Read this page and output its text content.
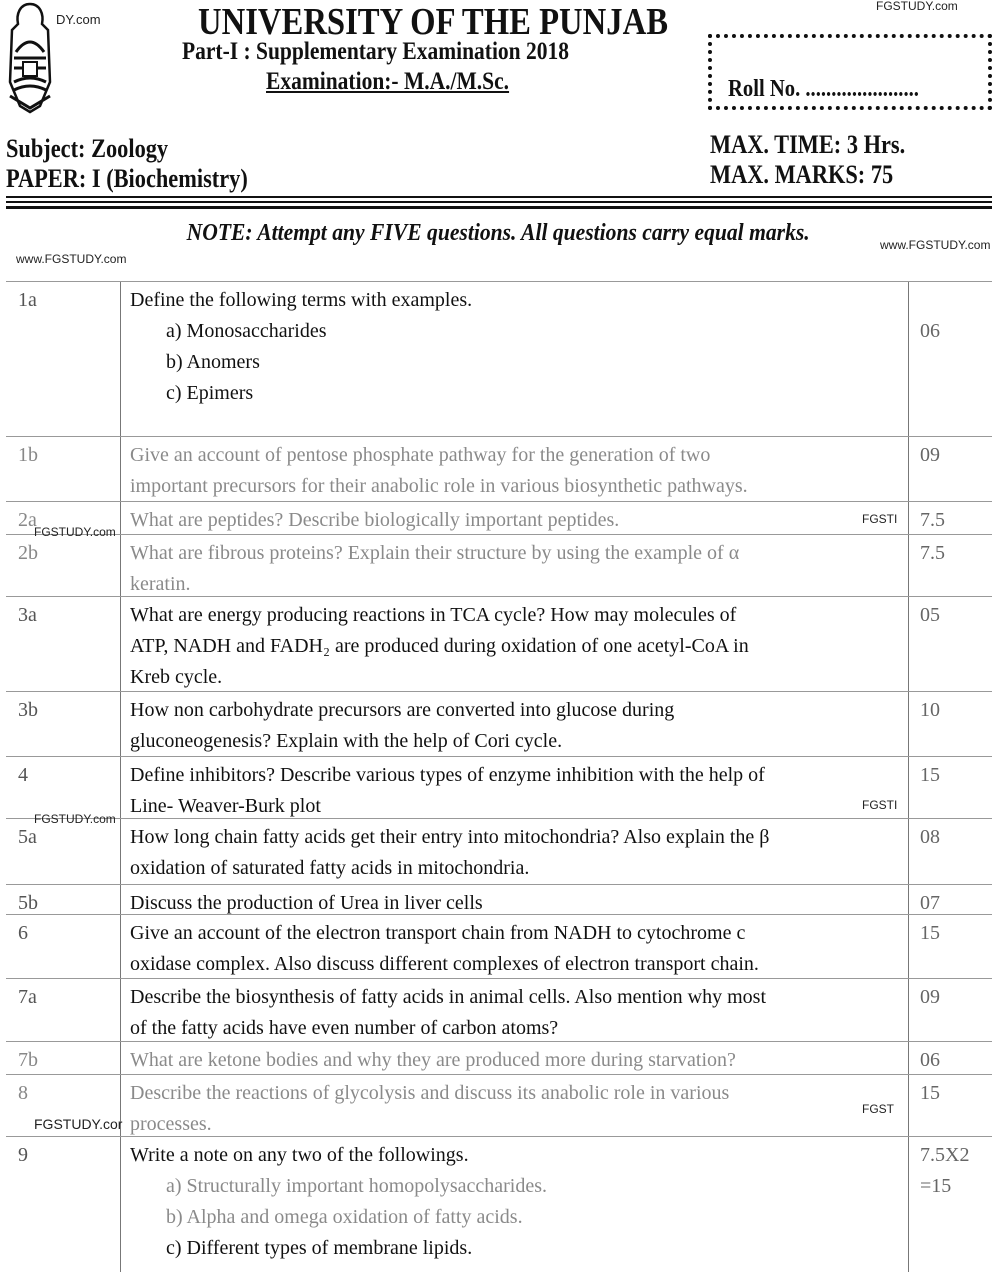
DY.com
FGSTUDY.com
UNIVERSITY OF THE PUNJAB
Part-I : Supplementary Examination 2018
Examination:- M.A./M.Sc.	Roll No. ......................
Subject: Zoology
PAPER: I (Biochemistry)
MAX. TIME: 3 Hrs.
MAX. MARKS: 75
NOTE: Attempt any FIVE questions. All questions carry equal marks.	www.FGSTUDY.com
www.FGSTUDY.com
1a	Define the following terms with examples.
a) Monosaccharides
b) Anomers
c) Epimers
06
1b	Give an account of pentose phosphate pathway for the generation of two
important precursors for their anabolic role in various biosynthetic pathways.
09
2a	What are peptides? Describe biologically important peptides.	7.5
2b	What are fibrous proteins? Explain their structure by using the example of α
keratin.
7.5
3a	What are energy producing reactions in TCA cycle? How may molecules of
ATP, NADH and FADH₂ are produced during oxidation of one acetyl-CoA in
Kreb cycle.
05
3b	How non carbohydrate precursors are converted into glucose during
gluconeogenesis? Explain with the help of Cori cycle.
10
4	Define inhibitors? Describe various types of enzyme inhibition with the help of
Line- Weaver-Burk plot
15
5a	How long chain fatty acids get their entry into mitochondria? Also explain the β
oxidation of saturated fatty acids in mitochondria.
08
5b	Discuss the production of Urea in liver cells	07
6	Give an account of the electron transport chain from NADH to cytochrome c
oxidase complex. Also discuss different complexes of electron transport chain.
15
7a	Describe the biosynthesis of fatty acids in animal cells. Also mention why most
of the fatty acids have even number of carbon atoms?
09
7b	What are ketone bodies and why they are produced more during starvation?	06
8	Describe the reactions of glycolysis and discuss its anabolic role in various
processes.
15
9	Write a note on any two of the followings.
a) Structurally important homopolysaccharides.
b) Alpha and omega oxidation of fatty acids.
c) Different types of membrane lipids.
7.5X2
=15
FGSTUDY.com
FGSTI
FGSTUDY.com
FGSTI
FGSTUDY.cor
FGST
